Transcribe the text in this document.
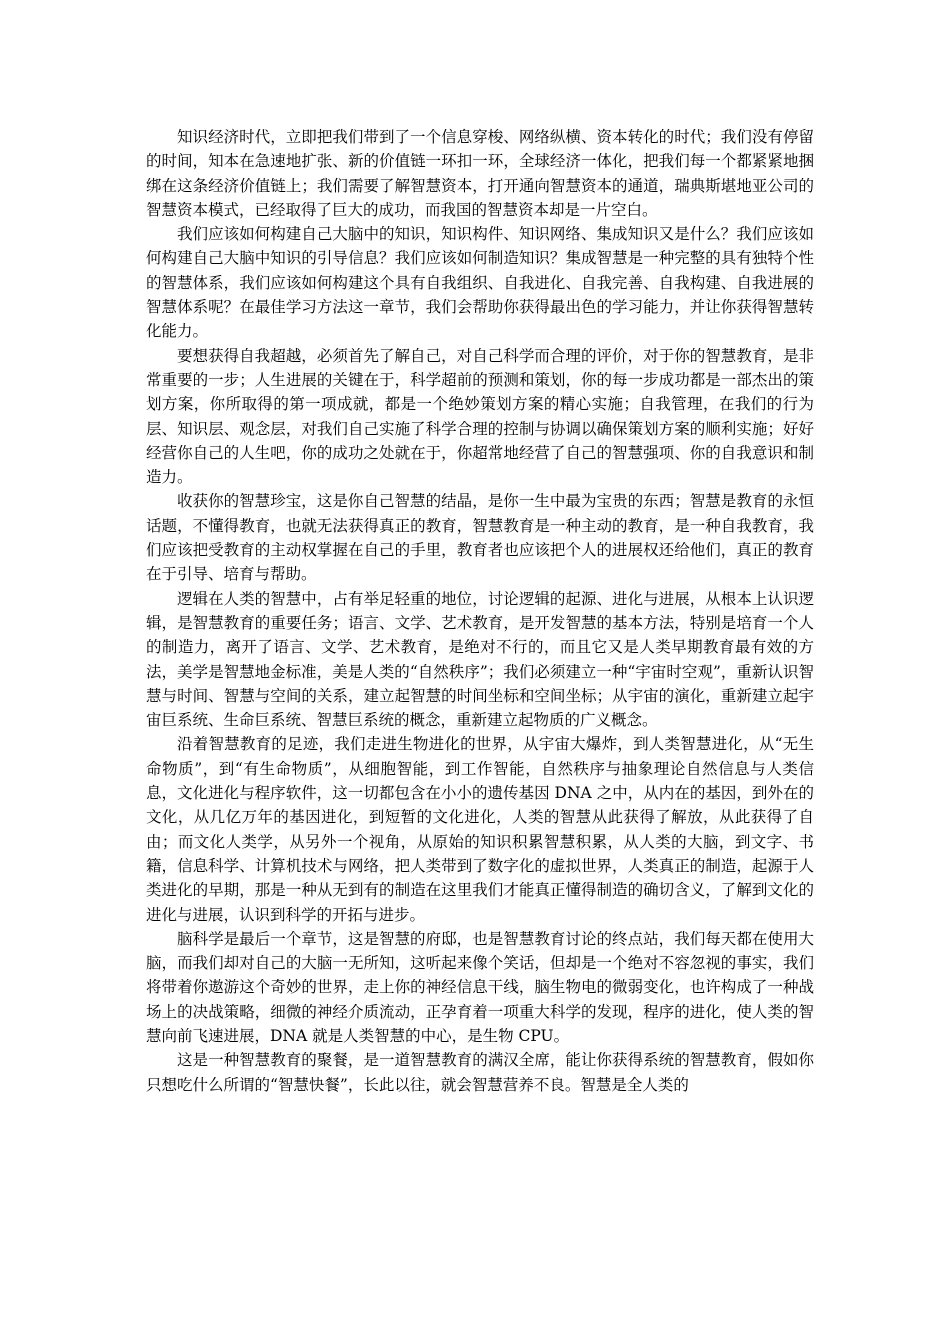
知识经济时代，立即把我们带到了一个信息穿梭、网络纵横、资本转化的时代；我们没有停留的时间，知本在急速地扩张、新的价值链一环扣一环，全球经济一体化，把我们每一个都紧紧地捆绑在这条经济价值链上；我们需要了解智慧资本，打开通向智慧资本的通道，瑞典斯堪地亚公司的智慧资本模式，已经取得了巨大的成功，而我国的智慧资本却是一片空白。

我们应该如何构建自己大脑中的知识，知识构件、知识网络、集成知识又是什么？我们应该如何构建自己大脑中知识的引导信息？我们应该如何制造知识？集成智慧是一种完整的具有独特个性的智慧体系，我们应该如何构建这个具有自我组织、自我进化、自我完善、自我构建、自我进展的智慧体系呢？在最佳学习方法这一章节，我们会帮助你获得最出色的学习能力，并让你获得智慧转化能力。

要想获得自我超越，必须首先了解自己，对自己科学而合理的评价，对于你的智慧教育，是非常重要的一步；人生进展的关键在于，科学超前的预测和策划，你的每一步成功都是一部杰出的策划方案，你所取得的第一项成就，都是一个绝妙策划方案的精心实施；自我管理，在我们的行为层、知识层、观念层，对我们自己实施了科学合理的控制与协调以确保策划方案的顺利实施；好好经营你自己的人生吧，你的成功之处就在于，你超常地经营了自己的智慧强项、你的自我意识和制造力。

收获你的智慧珍宝，这是你自己智慧的结晶，是你一生中最为宝贵的东西；智慧是教育的永恒话题，不懂得教育，也就无法获得真正的教育，智慧教育是一种主动的教育，是一种自我教育，我们应该把受教育的主动权掌握在自己的手里，教育者也应该把个人的进展权还给他们，真正的教育在于引导、培育与帮助。

逻辑在人类的智慧中，占有举足轻重的地位，讨论逻辑的起源、进化与进展，从根本上认识逻辑，是智慧教育的重要任务；语言、文学、艺术教育，是开发智慧的基本方法，特别是培育一个人的制造力，离开了语言、文学、艺术教育，是绝对不行的，而且它又是人类早期教育最有效的方法，美学是智慧地金标准，美是人类的“自然秩序”；我们必须建立一种“宇宙时空观”，重新认识智慧与时间、智慧与空间的关系，建立起智慧的时间坐标和空间坐标；从宇宙的演化，重新建立起宇宙巨系统、生命巨系统、智慧巨系统的概念，重新建立起物质的广义概念。

沿着智慧教育的足迹，我们走进生物进化的世界，从宇宙大爆炸，到人类智慧进化，从“无生命物质”，到“有生命物质”，从细胞智能，到工作智能，自然秩序与抽象理论自然信息与人类信息，文化进化与程序软件，这一切都包含在小小的遗传基因 DNA 之中，从内在的基因，到外在的文化，从几亿万年的基因进化，到短暂的文化进化，人类的智慧从此获得了解放，从此获得了自由；而文化人类学，从另外一个视角，从原始的知识积累智慧积累，从人类的大脑，到文字、书籍，信息科学、计算机技术与网络，把人类带到了数字化的虚拟世界，人类真正的制造，起源于人类进化的早期，那是一种从无到有的制造在这里我们才能真正懂得制造的确切含义，了解到文化的进化与进展，认识到科学的开拓与进步。

脑科学是最后一个章节，这是智慧的府邸，也是智慧教育讨论的终点站，我们每天都在使用大脑，而我们却对自己的大脑一无所知，这听起来像个笑话，但却是一个绝对不容忽视的事实，我们将带着你遨游这个奇妙的世界，走上你的神经信息干线，脑生物电的微弱变化，也许构成了一种战场上的决战策略，细微的神经介质流动，正孕育着一项重大科学的发现，程序的进化，使人类的智慧向前飞速进展，DNA 就是人类智慧的中心，是生物 CPU。

这是一种智慧教育的聚餐，是一道智慧教育的满汉全席，能让你获得系统的智慧教育，假如你只想吃什么所谓的“智慧快餐”，长此以往，就会智慧营养不良。智慧是全人类的
